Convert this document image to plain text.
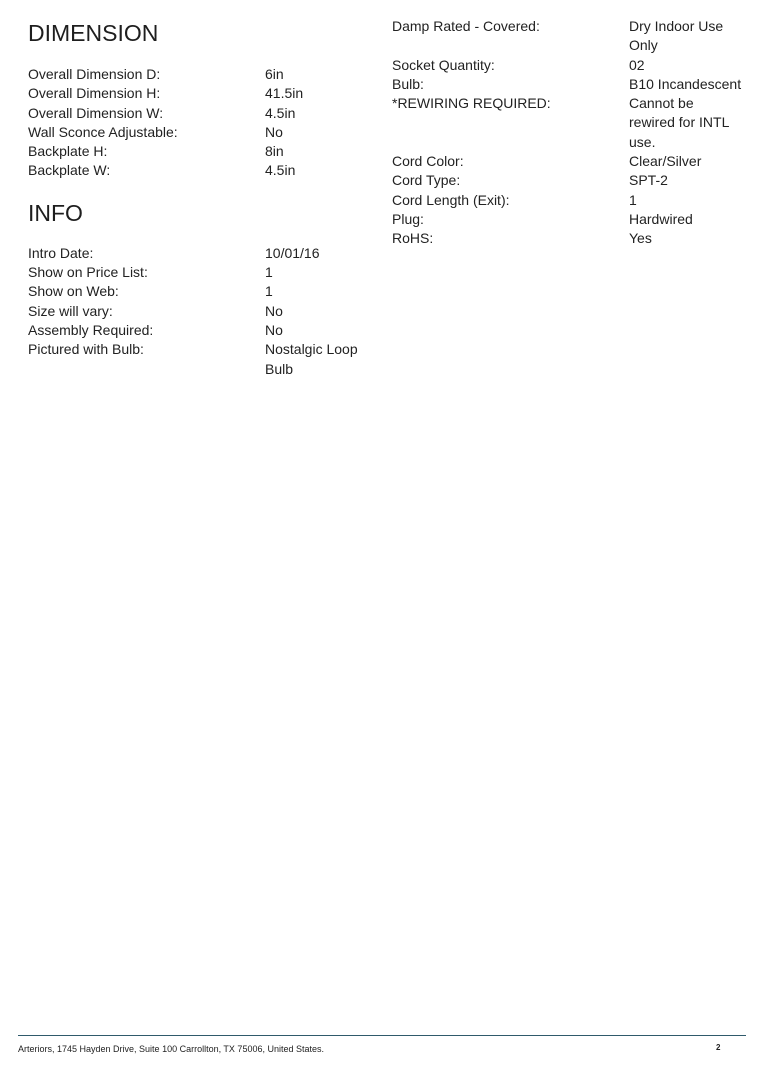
DIMENSION
Overall Dimension D:	6in
Overall Dimension H:	41.5in
Overall Dimension W:	4.5in
Wall Sconce Adjustable:	No
Backplate H:	8in
Backplate W:	4.5in
INFO
Intro Date:	10/01/16
Show on Price List:	1
Show on Web:	1
Size will vary:	No
Assembly Required:	No
Pictured with Bulb:	Nostalgic Loop Bulb
Damp Rated - Covered:	Dry Indoor Use Only
Socket Quantity:	02
Bulb:	B10 Incandescent
*REWIRING REQUIRED:	Cannot be rewired for INTL use.
Cord Color:	Clear/Silver
Cord Type:	SPT-2
Cord Length (Exit):	1
Plug:	Hardwired
RoHS:	Yes
Arteriors, 1745 Hayden Drive, Suite 100 Carrollton, TX 75006, United States.	2
